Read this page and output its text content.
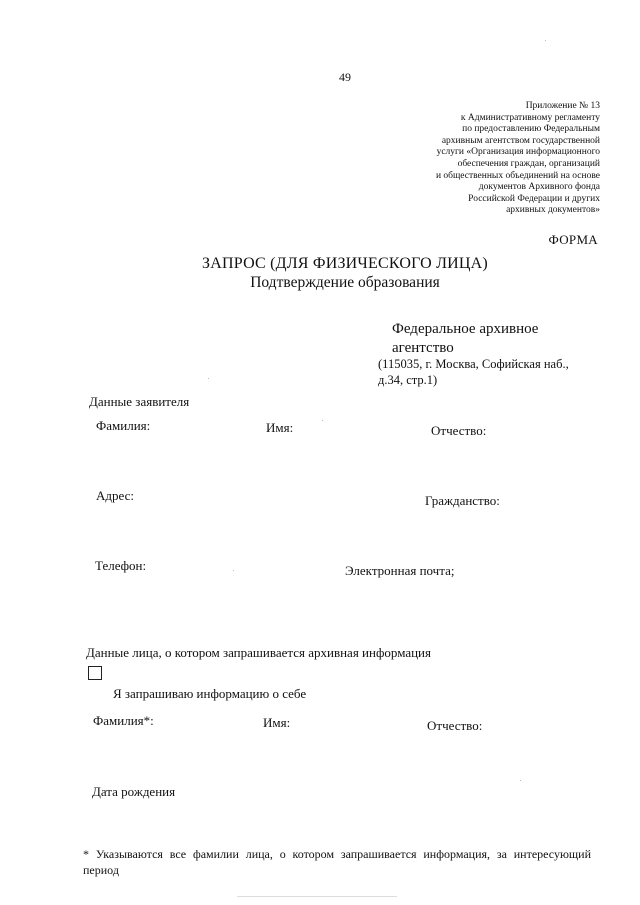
49
Приложение № 13
к Административному регламенту
по предоставлению Федеральным
архивным агентством государственной
услуги «Организация информационного
обеспечения граждан, организаций
и общественных объединений на основе
документов Архивного фонда
Российской Федерации и других
архивных документов»
ФОРМА
ЗАПРОС (ДЛЯ ФИЗИЧЕСКОГО ЛИЦА)
Подтверждение образования
Федеральное архивное агентство
(115035, г. Москва, Софийская наб., д.34, стр.1)
Данные заявителя
Фамилия:	Имя:	Отчество:
Адрес:	Гражданство:
Телефон:	Электронная почта;
Данные лица, о котором запрашивается архивная информация
Я запрашиваю информацию о себе
Фамилия*:	Имя:	Отчество:
Дата рождения
* Указываются все фамилии лица, о котором запрашивается информация, за интересующий период
